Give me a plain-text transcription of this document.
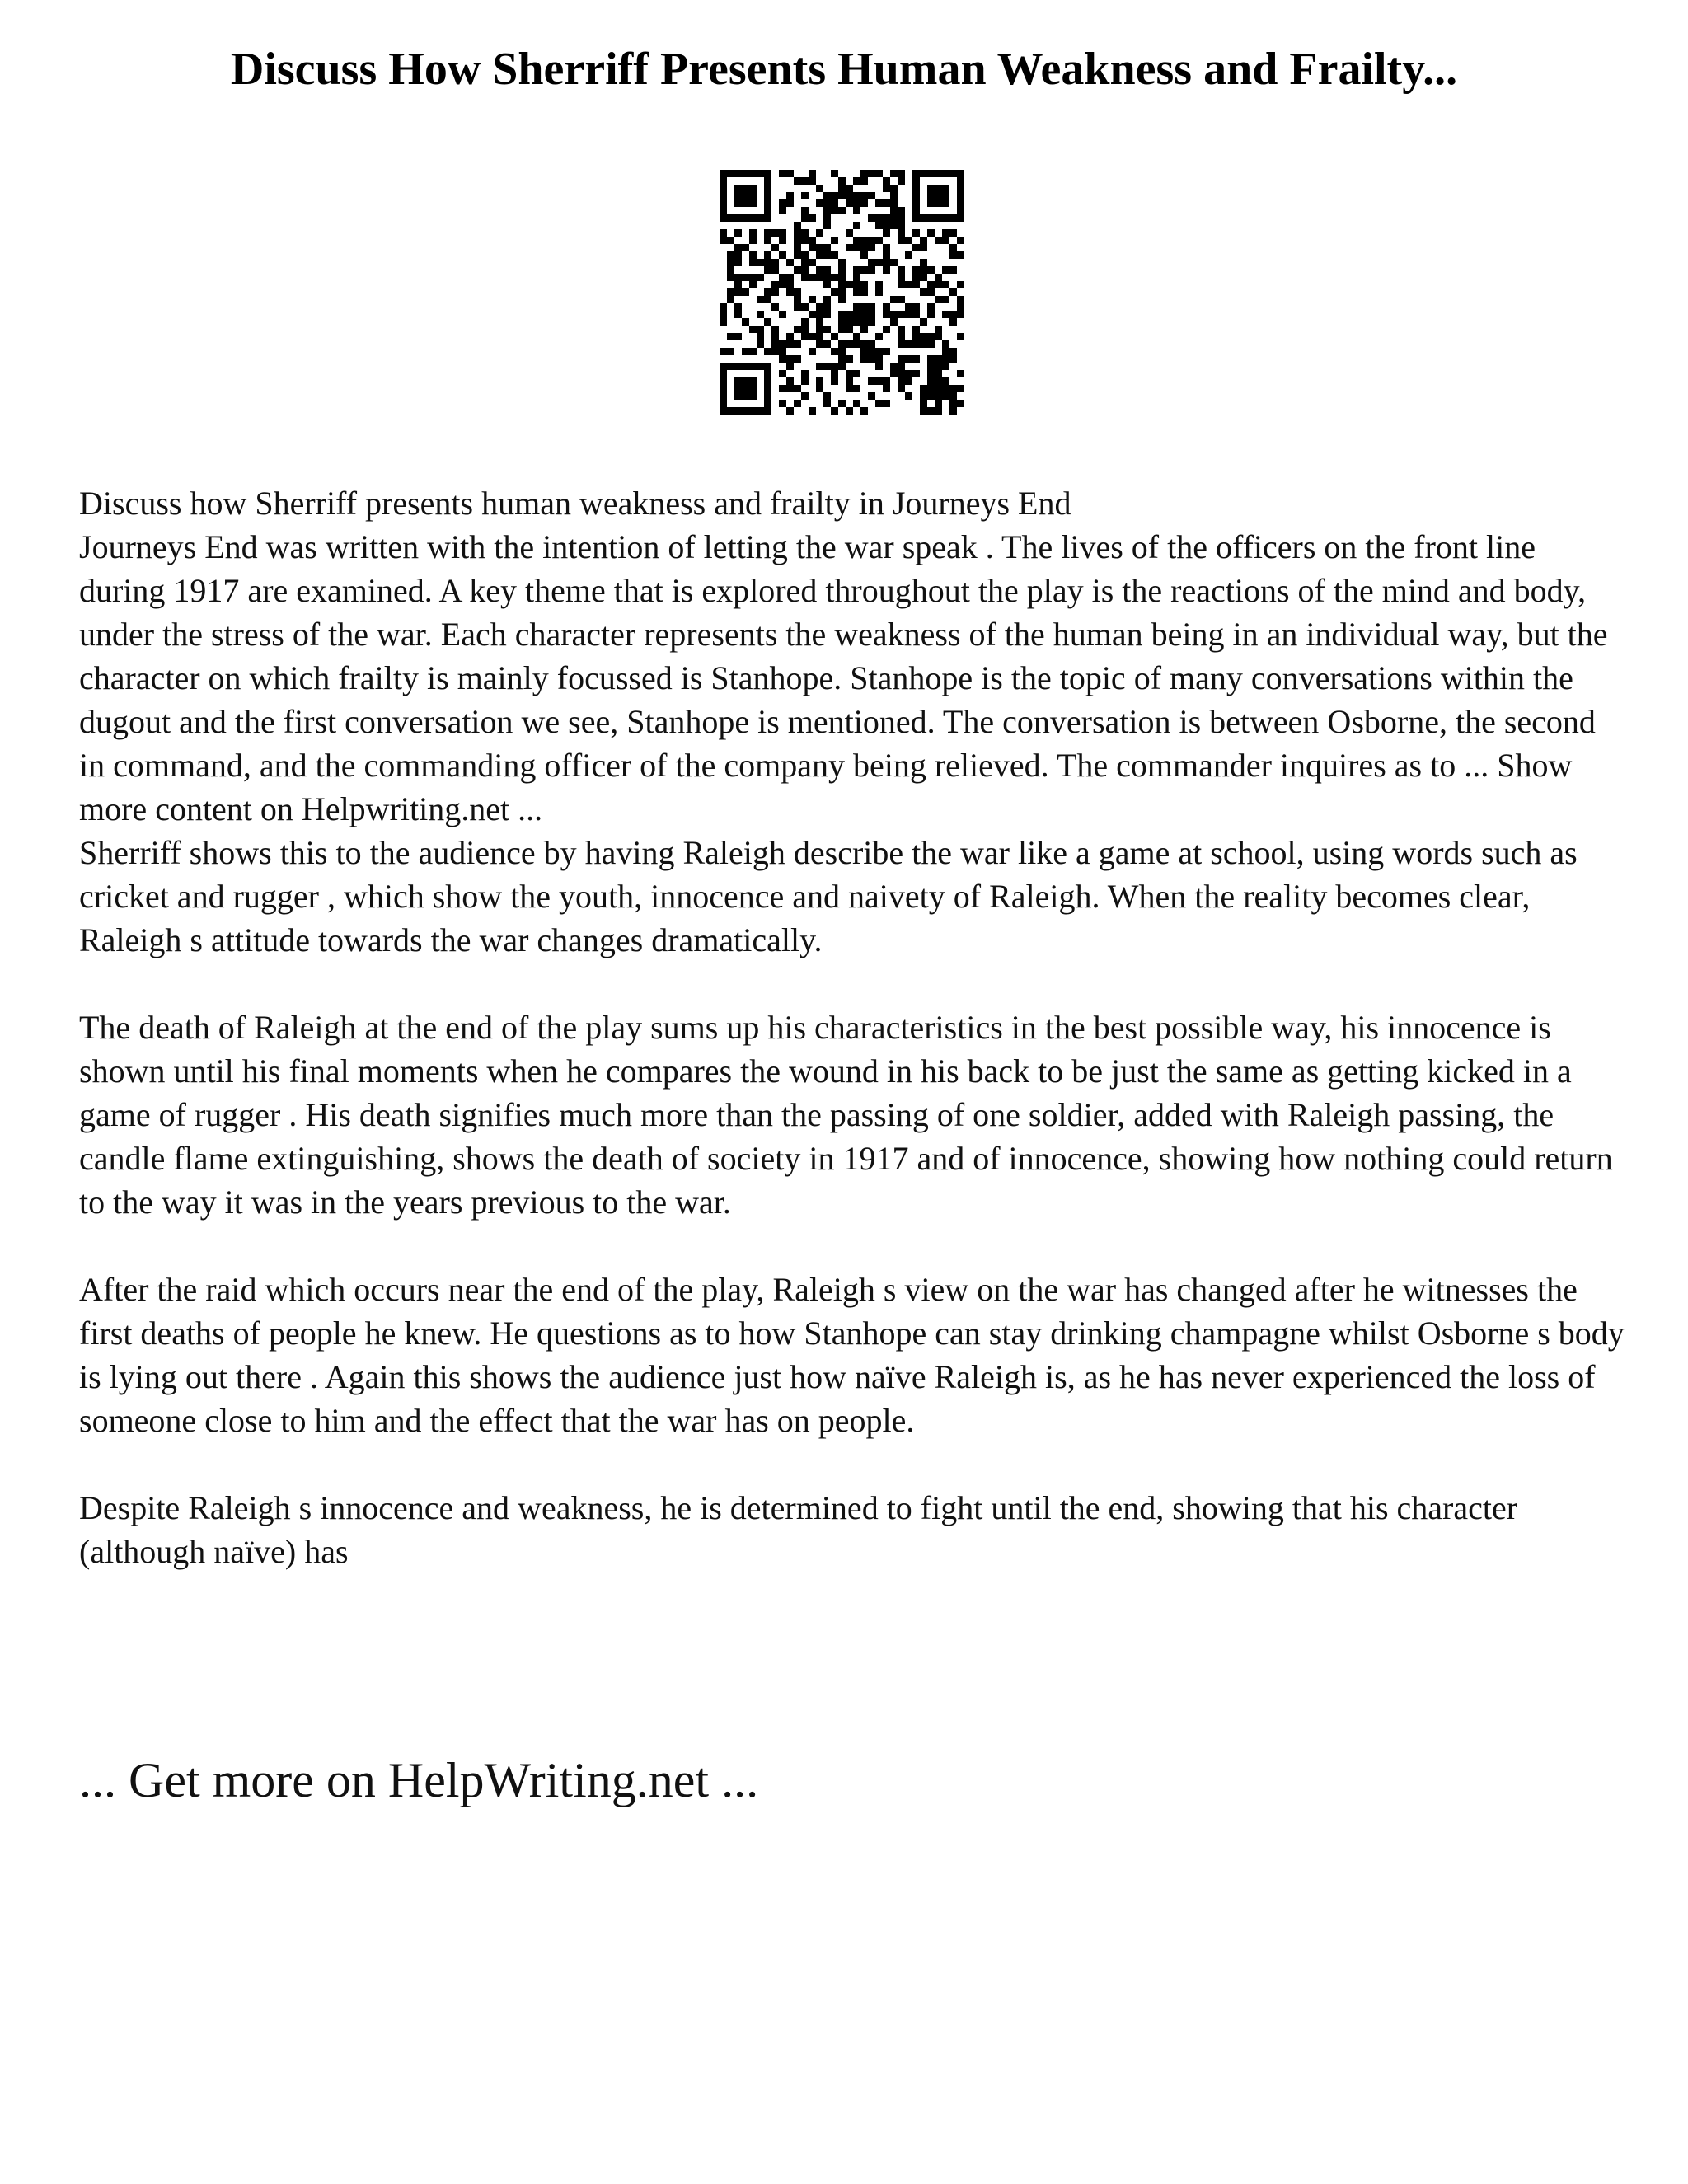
Discuss How Sherriff Presents Human Weakness and Frailty...

Discuss how Sherriff presents human weakness and frailty in Journeys End

Journeys End was written with the intention of letting the war speak . The lives of the officers on the front line during 1917 are examined. A key theme that is explored throughout the play is the reactions of the mind and body, under the stress of the war. Each character represents the weakness of the human being in an individual way, but the character on which frailty is mainly focussed is Stanhope. Stanhope is the topic of many conversations within the dugout and the first conversation we see, Stanhope is mentioned. The conversation is between Osborne, the second in command, and the commanding officer of the company being relieved. The commander inquires as to ... Show more content on Helpwriting.net ...

Sherriff shows this to the audience by having Raleigh describe the war like a game at school, using words such as cricket and rugger , which show the youth, innocence and naivety of Raleigh. When the reality becomes clear, Raleigh s attitude towards the war changes dramatically.

The death of Raleigh at the end of the play sums up his characteristics in the best possible way, his innocence is shown until his final moments when he compares the wound in his back to be just the same as getting kicked in a game of rugger . His death signifies much more than the passing of one soldier, added with Raleigh passing, the candle flame extinguishing, shows the death of society in 1917 and of innocence, showing how nothing could return to the way it was in the years previous to the war.

After the raid which occurs near the end of the play, Raleigh s view on the war has changed after he witnesses the first deaths of people he knew. He questions as to how Stanhope can stay drinking champagne whilst Osborne s body is lying out there . Again this shows the audience just how naïve Raleigh is, as he has never experienced the loss of someone close to him and the effect that the war has on people.

Despite Raleigh s innocence and weakness, he is determined to fight until the end, showing that his character (although naïve) has

... Get more on HelpWriting.net ...
